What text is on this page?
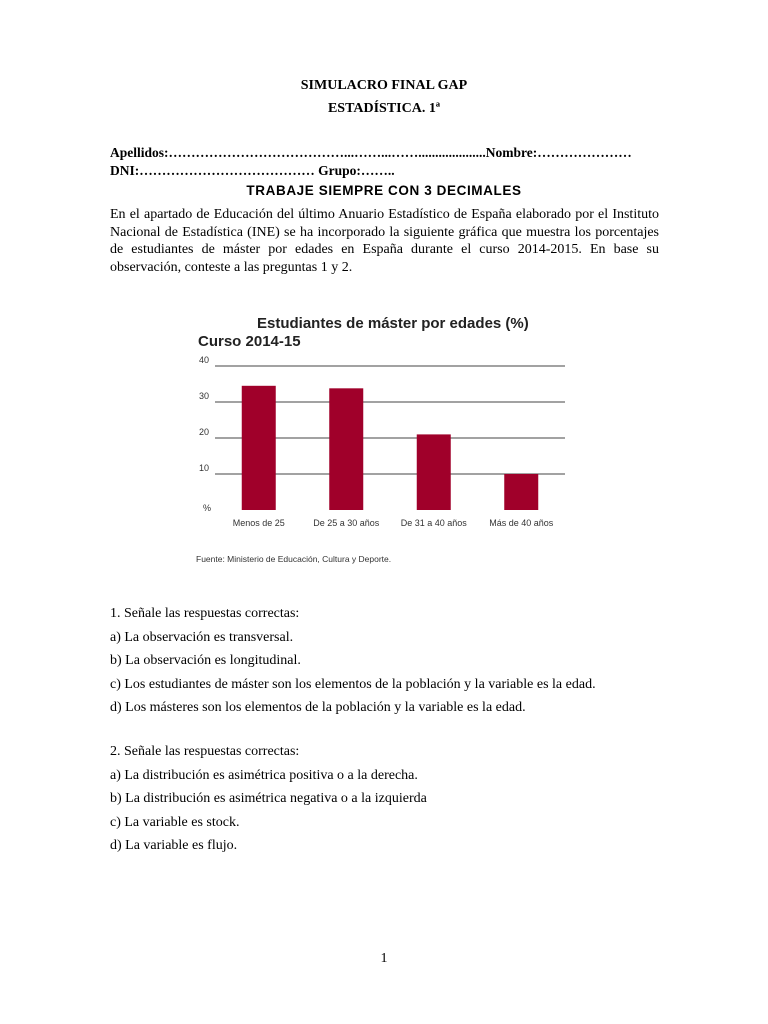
SIMULACRO FINAL GAP
ESTADÍSTICA. 1ª
Apellidos:…………………………………...……...……....................Nombre:…………………
DNI:………………………………… Grupo:……..
TRABAJE SIEMPRE CON 3 DECIMALES
En el apartado de Educación del último Anuario Estadístico de España elaborado por el Instituto Nacional de Estadística (INE) se ha incorporado la siguiente gráfica que muestra los porcentajes de estudiantes de máster por edades en España durante el curso 2014-2015. En base su observación, conteste a las preguntas 1 y 2.
Estudiantes de máster por edades (%)
Curso 2014-15
10
20
30
40
Menos de 25	De 25 a 30 años De 31 a 40 años Más de 40 años
%
Fuente: Ministerio de Educación, Cultura y Deporte.
1. Señale las respuestas correctas:
a) La observación es transversal.
b) La observación es longitudinal.
c) Los estudiantes de máster son los elementos de la población y la variable es la edad.
d) Los másteres son los elementos de la población y la variable es la edad.
2. Señale las respuestas correctas:
a) La distribución es asimétrica positiva o a la derecha.
b) La distribución es asimétrica negativa o a la izquierda
c) La variable es stock.
d) La variable es flujo.
1
